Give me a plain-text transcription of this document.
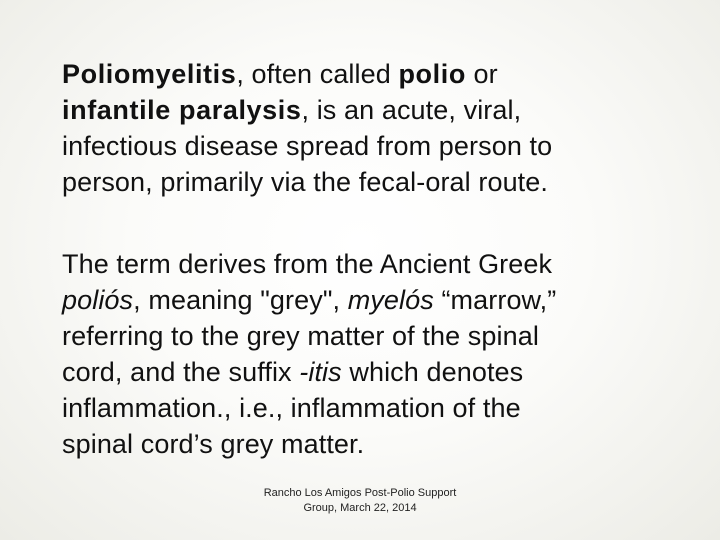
Poliomyelitis, often called polio or
infantile paralysis, is an acute, viral,
infectious disease spread from person to
person, primarily via the fecal-oral route.

The term derives from the Ancient Greek
poliós, meaning "grey", myelós “marrow,”
referring to the grey matter of the spinal
cord, and the suffix -itis which denotes
inflammation., i.e., inflammation of the
spinal cord’s grey matter.

Rancho Los Amigos Post-Polio Support
Group, March 22, 2014
